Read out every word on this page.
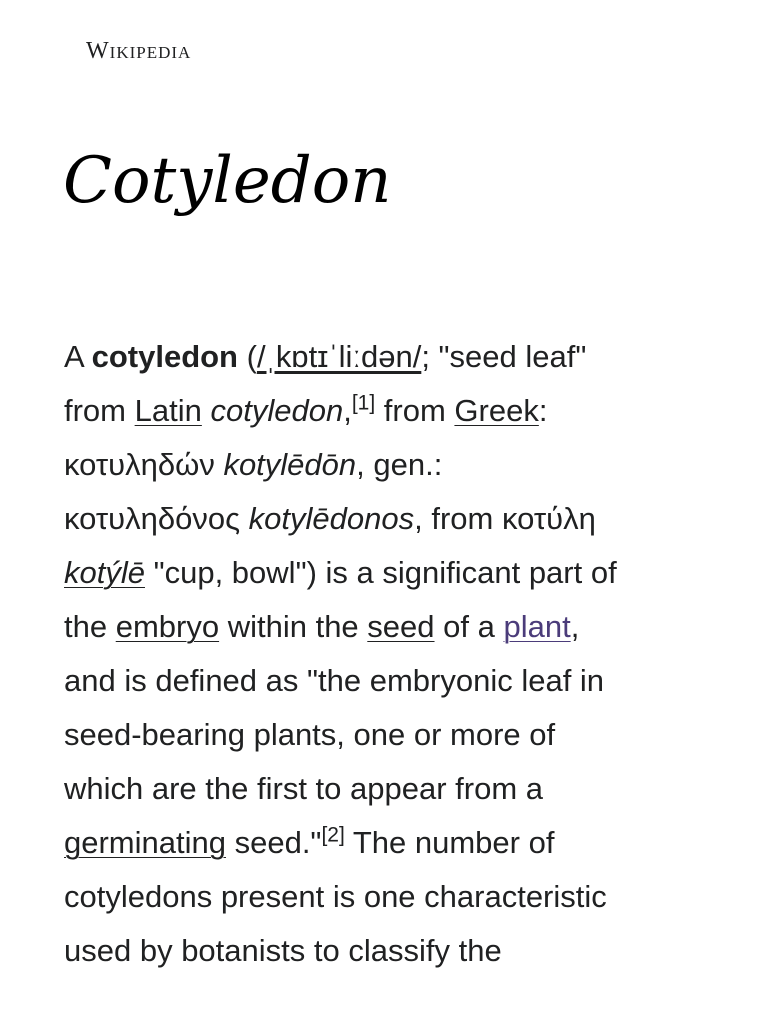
Wikipedia
Cotyledon
A cotyledon (/ˌkɒtɪˈliːdən/; "seed leaf"
from Latin cotyledon,[1] from Greek:
κοτυληδών kotylēdōn, gen.:
κοτυληδόνος kotylēdonos, from κοτύλη
kotýlē "cup, bowl") is a significant part of
the embryo within the seed of a plant,
and is defined as "the embryonic leaf in
seed-bearing plants, one or more of
which are the first to appear from a
germinating seed."[2] The number of
cotyledons present is one characteristic
used by botanists to classify the
